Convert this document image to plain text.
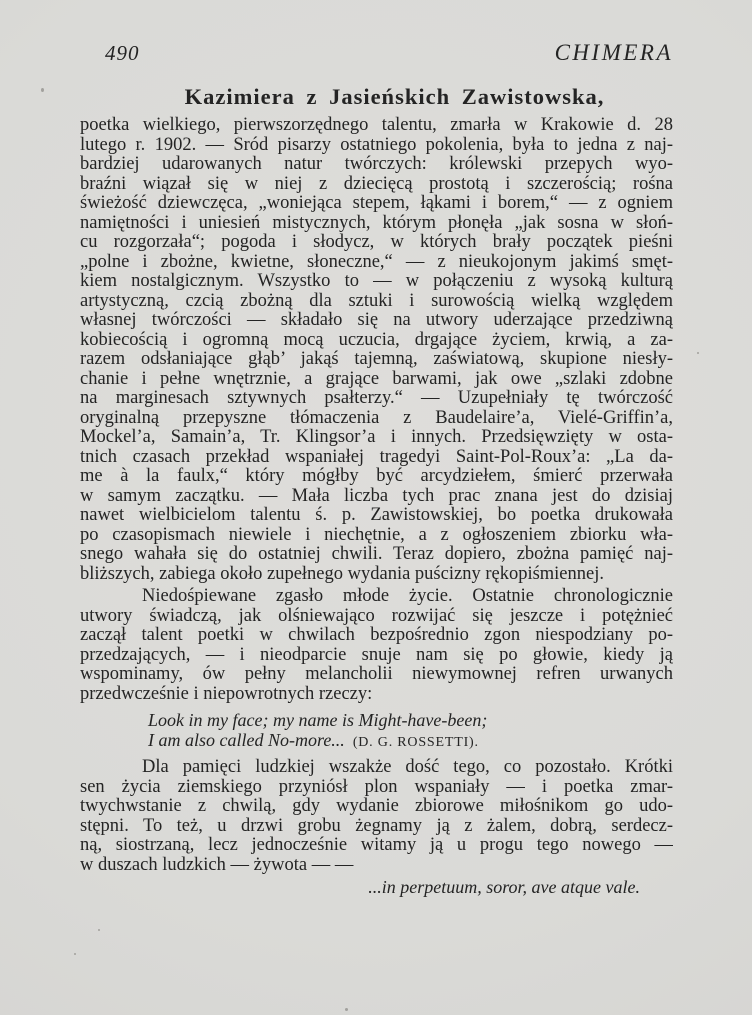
490	CHIMERA
Kazimiera z Jasieńskich Zawistowska,
poetka wielkiego, pierwszorzędnego talentu, zmarła w Krakowie d. 28
lutego r. 1902. — Śród pisarzy ostatniego pokolenia, była to jedna z naj-
bardziej udarowanych natur twórczych: królewski przepych wyo-
braźni wiązał się w niej z dziecięcą prostotą i szczerością; rośna
świeżość dziewczęca, „woniejąca stepem, łąkami i borem,“ — z ogniem
namiętności i uniesień mistycznych, którym płonęła „jak sosna w słoń-
cu rozgorzała“; pogoda i słodycz, w których brały początek pieśni
„polne i zbożne, kwietne, słoneczne,“ — z nieukojonym jakimś smęt-
kiem nostalgicznym. Wszystko to — w połączeniu z wysoką kulturą
artystyczną, czcią zbożną dla sztuki i surowością wielką względem
własnej twórczości — składało się na utwory uderzające przedziwną
kobiecością i ogromną mocą uczucia, drgające życiem, krwią, a za-
razem odsłaniające głąb’ jakąś tajemną, zaświatową, skupione niesły-
chanie i pełne wnętrznie, a grające barwami, jak owe „szlaki zdobne
na marginesach sztywnych psałterzy.“ — Uzupełniały tę twórczość
oryginalną przepyszne tłómaczenia z Baudelaire’a, Vielé-Griffin’a,
Mockel’a, Samain’a, Tr. Klingsor’a i innych. Przedsięwzięty w osta-
tnich czasach przekład wspaniałej tragedyi Saint-Pol-Roux’a: „La da-
me à la faulx,“ który mógłby być arcydziełem, śmierć przerwała
w samym zaczątku. — Mała liczba tych prac znana jest do dzisiaj
nawet wielbicielom talentu ś. p. Zawistowskiej, bo poetka drukowała
po czasopismach niewiele i niechętnie, a z ogłoszeniem zbiorku wła-
snego wahała się do ostatniej chwili. Teraz dopiero, zbożna pamięć naj-
bliższych, zabiega około zupełnego wydania puścizny rękopiśmiennej.
Niedośpiewane zgasło młode życie. Ostatnie chronologicznie
utwory świadczą, jak olśniewająco rozwijać się jeszcze i potężnieć
zaczął talent poetki w chwilach bezpośrednio zgon niespodziany po-
przedzających, — i nieodparcie snuje nam się po głowie, kiedy ją
wspominamy, ów pełny melancholii niewymownej refren urwanych
przedwcześnie i niepowrotnych rzeczy:
Look in my face; my name is Might-have-been;
I am also called No-more... (D. G. ROSSETTI).
Dla pamięci ludzkiej wszakże dość tego, co pozostało. Krótki
sen życia ziemskiego przyniósł plon wspaniały — i poetka zmar-
twychwstanie z chwilą, gdy wydanie zbiorowe miłośnikom go udo-
stępni. To też, u drzwi grobu żegnamy ją z żalem, dobrą, serdecz-
ną, siostrzaną, lecz jednocześnie witamy ją u progu tego nowego —
w duszach ludzkich — żywota — —
...in perpetuum, soror, ave atque vale.
